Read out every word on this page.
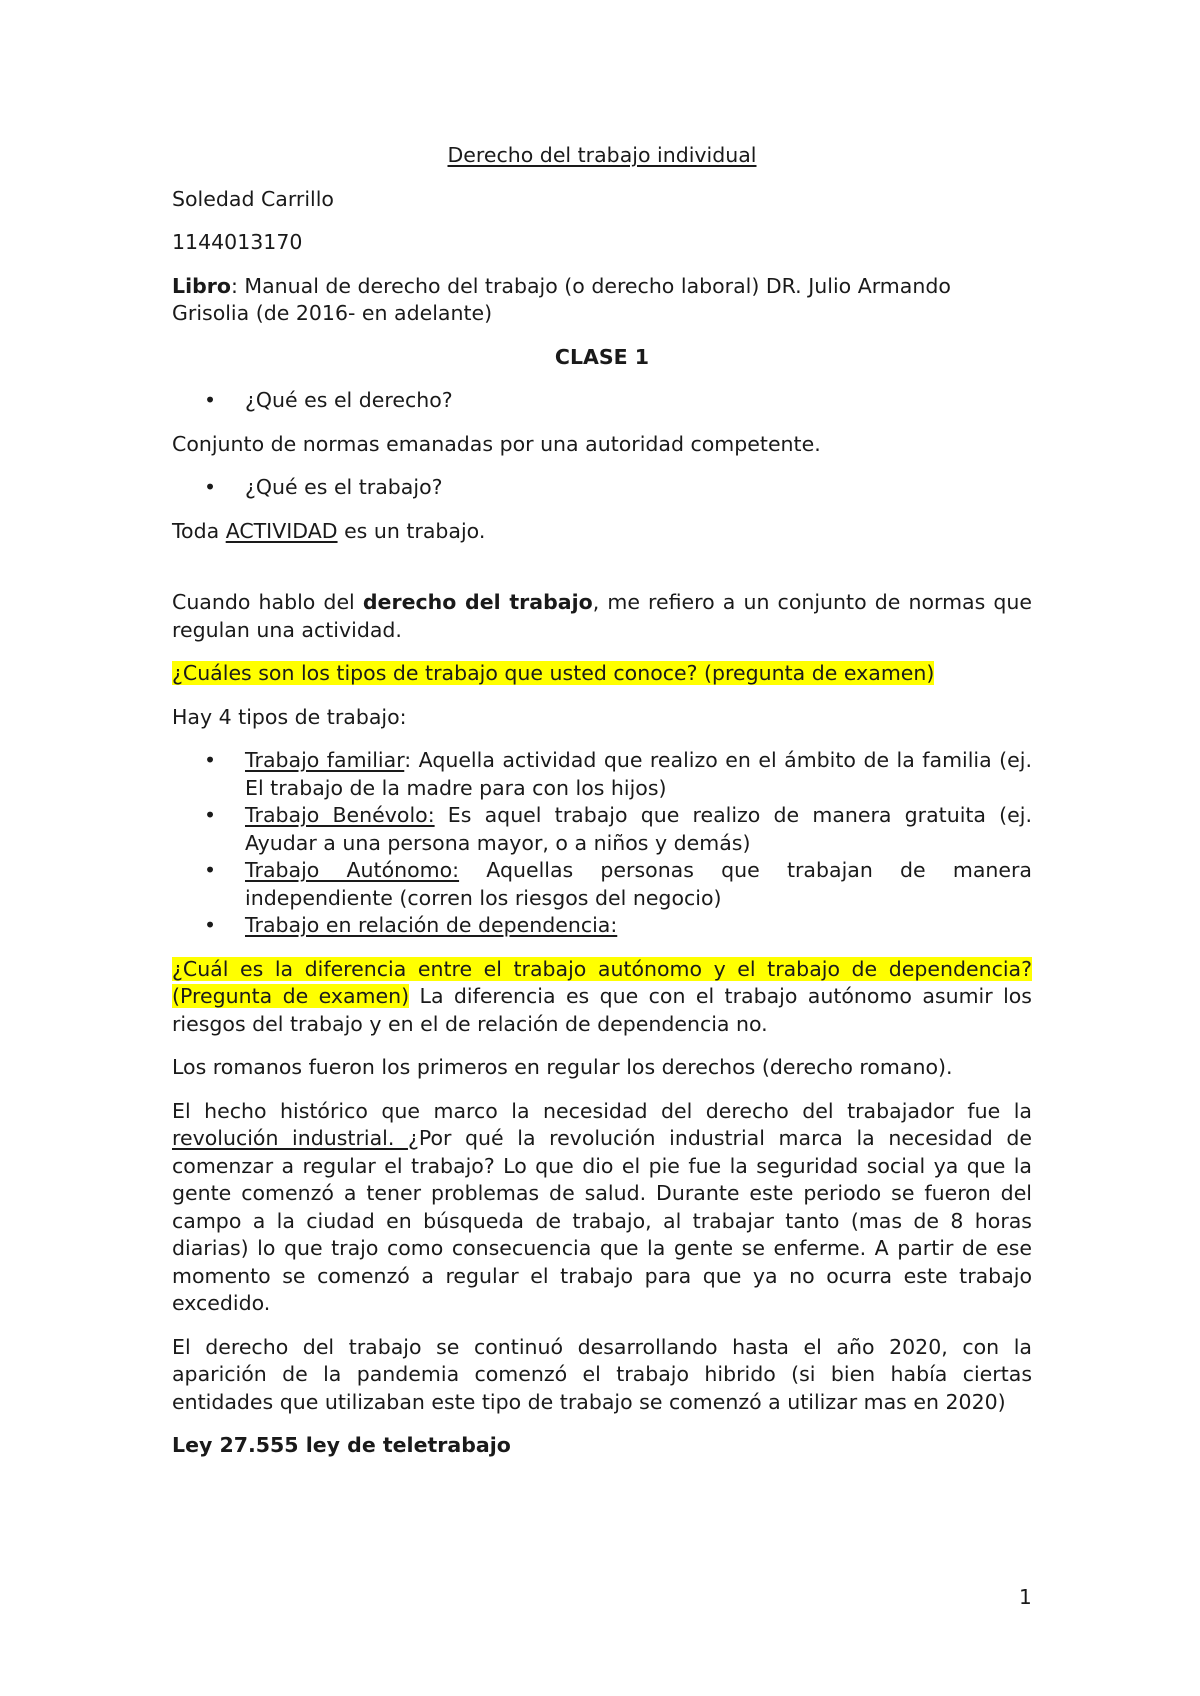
Derecho del trabajo individual

Soledad Carrillo

1144013170

Libro: Manual de derecho del trabajo (o derecho laboral) DR. Julio Armando Grisolia (de 2016- en adelante)

CLASE 1

• ¿Qué es el derecho?

Conjunto de normas emanadas por una autoridad competente.

• ¿Qué es el trabajo?

Toda ACTIVIDAD es un trabajo.

Cuando hablo del derecho del trabajo, me refiero a un conjunto de normas que regulan una actividad.

¿Cuáles son los tipos de trabajo que usted conoce? (pregunta de examen)

Hay 4 tipos de trabajo:

• Trabajo familiar: Aquella actividad que realizo en el ámbito de la familia (ej. El trabajo de la madre para con los hijos)
• Trabajo Benévolo: Es aquel trabajo que realizo de manera gratuita (ej. Ayudar a una persona mayor, o a niños y demás)
• Trabajo Autónomo: Aquellas personas que trabajan de manera independiente (corren los riesgos del negocio)
• Trabajo en relación de dependencia:

¿Cuál es la diferencia entre el trabajo autónomo y el trabajo de dependencia? (Pregunta de examen) La diferencia es que con el trabajo autónomo asumir los riesgos del trabajo y en el de relación de dependencia no.

Los romanos fueron los primeros en regular los derechos (derecho romano).

El hecho histórico que marco la necesidad del derecho del trabajador fue la revolución industrial. ¿Por qué la revolución industrial marca la necesidad de comenzar a regular el trabajo? Lo que dio el pie fue la seguridad social ya que la gente comenzó a tener problemas de salud. Durante este periodo se fueron del campo a la ciudad en búsqueda de trabajo, al trabajar tanto (mas de 8 horas diarias) lo que trajo como consecuencia que la gente se enferme. A partir de ese momento se comenzó a regular el trabajo para que ya no ocurra este trabajo excedido.

El derecho del trabajo se continuó desarrollando hasta el año 2020, con la aparición de la pandemia comenzó el trabajo hibrido (si bien había ciertas entidades que utilizaban este tipo de trabajo se comenzó a utilizar mas en 2020)

Ley 27.555 ley de teletrabajo

1
